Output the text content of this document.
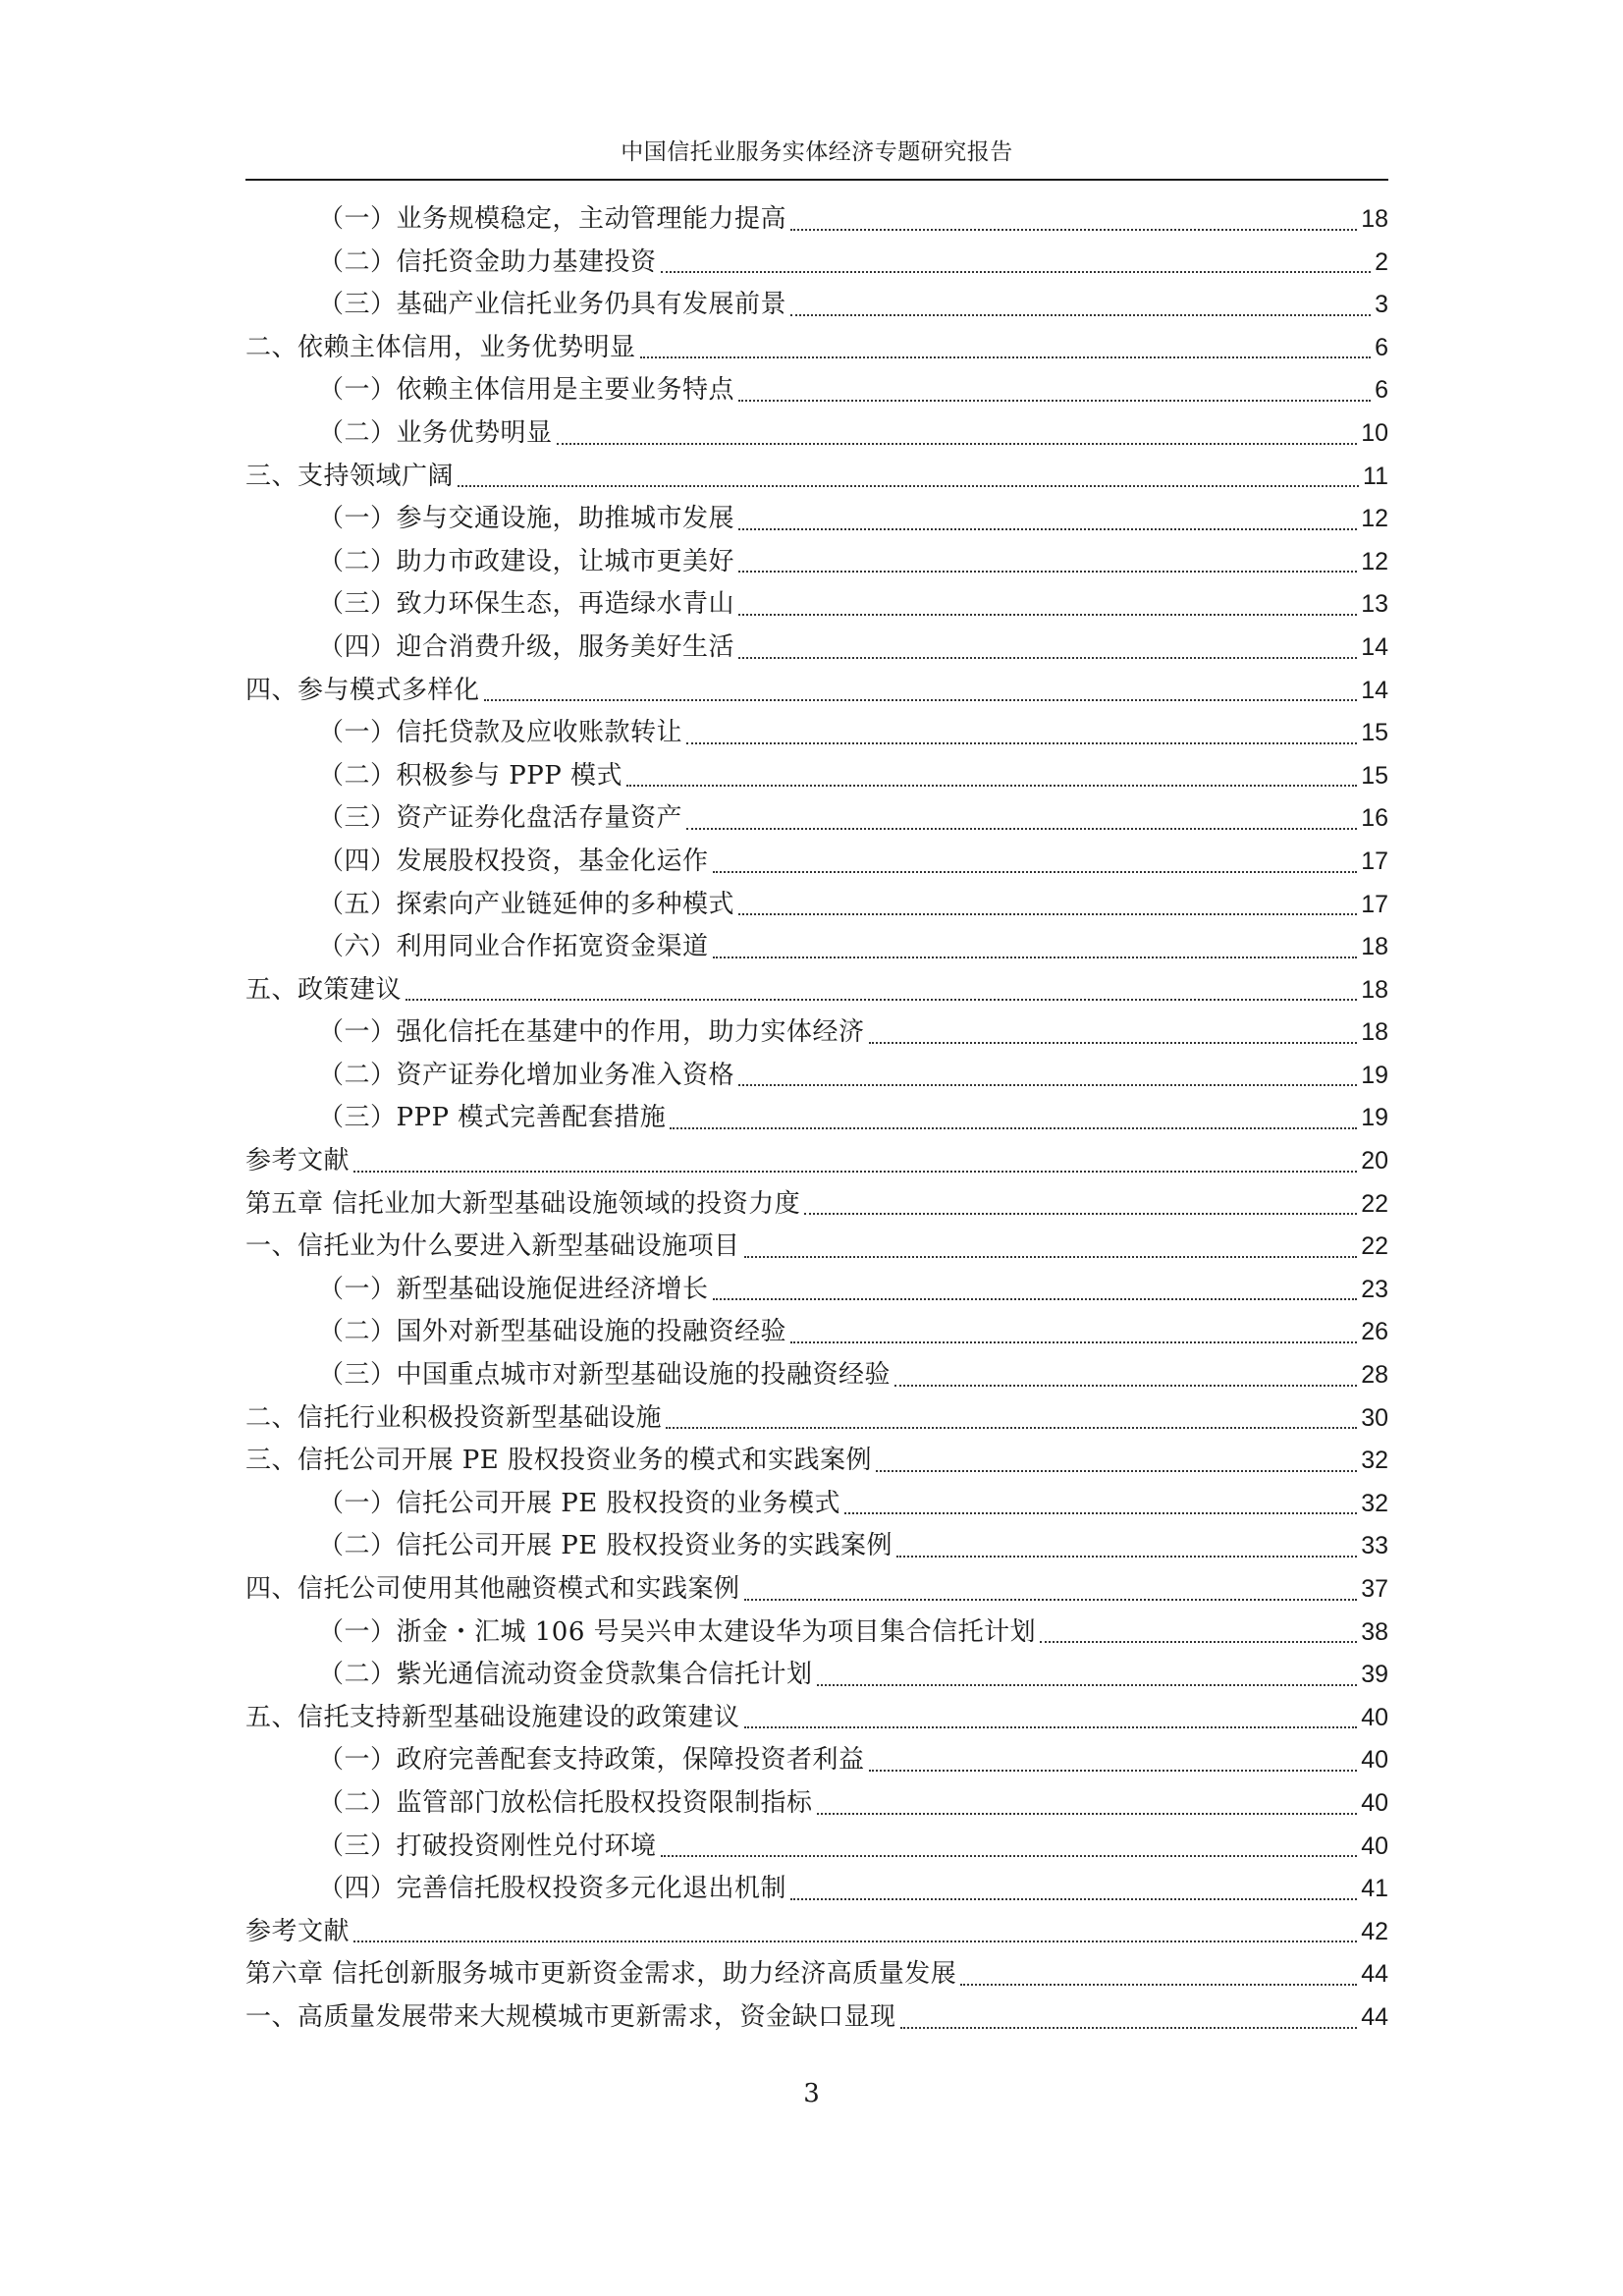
中国信托业服务实体经济专题研究报告
（一）业务规模稳定，主动管理能力提高	18
（二）信托资金助力基建投资	2
（三）基础产业信托业务仍具有发展前景	3
二、依赖主体信用，业务优势明显	6
（一）依赖主体信用是主要业务特点	6
（二）业务优势明显	10
三、支持领域广阔	11
（一）参与交通设施，助推城市发展	12
（二）助力市政建设，让城市更美好	12
（三）致力环保生态，再造绿水青山	13
（四）迎合消费升级，服务美好生活	14
四、参与模式多样化	14
（一）信托贷款及应收账款转让	15
（二）积极参与 PPP 模式	15
（三）资产证券化盘活存量资产	16
（四）发展股权投资，基金化运作	17
（五）探索向产业链延伸的多种模式	17
（六）利用同业合作拓宽资金渠道	18
五、政策建议	18
（一）强化信托在基建中的作用，助力实体经济	18
（二）资产证券化增加业务准入资格	19
（三）PPP 模式完善配套措施	19
参考文献	20
第五章 信托业加大新型基础设施领域的投资力度	22
一、信托业为什么要进入新型基础设施项目	22
（一）新型基础设施促进经济增长	23
（二）国外对新型基础设施的投融资经验	26
（三）中国重点城市对新型基础设施的投融资经验	28
二、信托行业积极投资新型基础设施	30
三、信托公司开展 PE 股权投资业务的模式和实践案例	32
（一）信托公司开展 PE 股权投资的业务模式	32
（二）信托公司开展 PE 股权投资业务的实践案例	33
四、信托公司使用其他融资模式和实践案例	37
（一）浙金・汇城 106 号吴兴申太建设华为项目集合信托计划	38
（二）紫光通信流动资金贷款集合信托计划	39
五、信托支持新型基础设施建设的政策建议	40
（一）政府完善配套支持政策，保障投资者利益	40
（二）监管部门放松信托股权投资限制指标	40
（三）打破投资刚性兑付环境	40
（四）完善信托股权投资多元化退出机制	41
参考文献	42
第六章 信托创新服务城市更新资金需求，助力经济高质量发展	44
一、高质量发展带来大规模城市更新需求，资金缺口显现	44
3
